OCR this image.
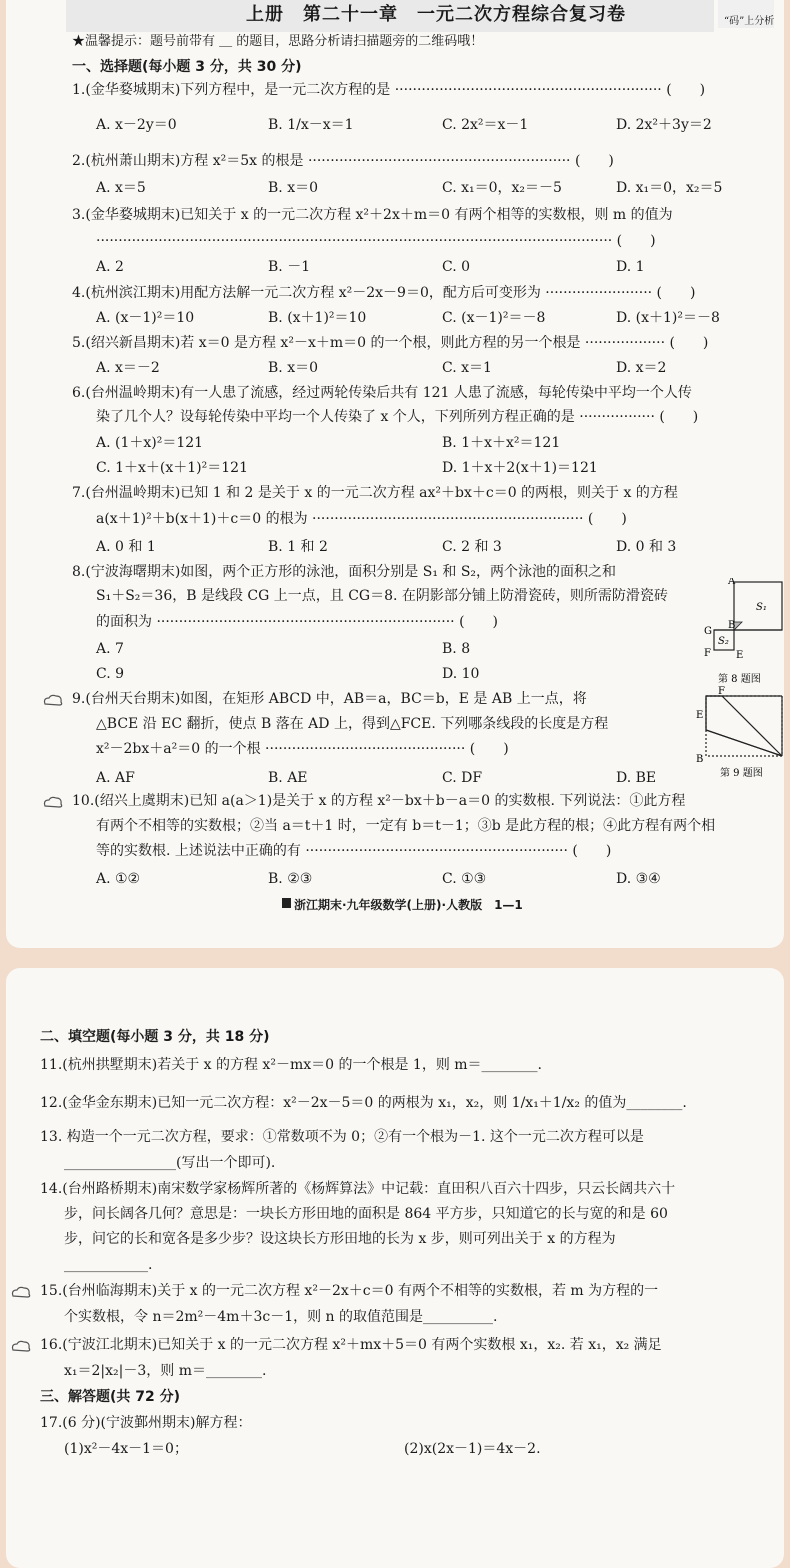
上册　第二十一章　一元二次方程综合复习卷	“码”上分析
★温馨提示：题号前带有 ＿ 的题目，思路分析请扫描题旁的二维码哦！
一、选择题(每小题 3 分，共 30 分)
1.(金华婺城期末)下列方程中，是一元二次方程的是 ···························································· (　　)
A. x－2y＝0	B. 1/x－x＝1	C. 2x²＝x－1	D. 2x²＋3y＝2
2.(杭州萧山期末)方程 x²＝5x 的根是 ··························································· (　　)
A. x＝5	B. x＝0	C. x₁＝0，x₂＝－5	D. x₁＝0，x₂＝5
3.(金华婺城期末)已知关于 x 的一元二次方程 x²＋2x＋m＝0 有两个相等的实数根，则 m 的值为
···················································································································· (　　)
A. 2	B. －1	C. 0	D. 1
4.(杭州滨江期末)用配方法解一元二次方程 x²－2x－9＝0，配方后可变形为 ························ (　　)
A. (x－1)²＝10	B. (x＋1)²＝10	C. (x－1)²＝－8	D. (x＋1)²＝－8
5.(绍兴新昌期末)若 x＝0 是方程 x²－x＋m＝0 的一个根，则此方程的另一个根是 ·················· (　　)
A. x＝－2	B. x＝0	C. x＝1	D. x＝2
6.(台州温岭期末)有一人患了流感，经过两轮传染后共有 121 人患了流感，每轮传染中平均一个人传
染了几个人？设每轮传染中平均一个人传染了 x 个人，下列所列方程正确的是 ················· (　　)
A. (1＋x)²＝121	B. 1＋x＋x²＝121
C. 1＋x＋(x＋1)²＝121	D. 1＋x＋2(x＋1)＝121
7.(台州温岭期末)已知 1 和 2 是关于 x 的一元二次方程 ax²＋bx＋c＝0 的两根，则关于 x 的方程
a(x＋1)²＋b(x＋1)＋c＝0 的根为 ····························································· (　　)
A. 0 和 1	B. 1 和 2	C. 2 和 3	D. 0 和 3
8.(宁波海曙期末)如图，两个正方形的泳池，面积分别是 S₁ 和 S₂，两个泳池的面积之和
S₁＋S₂＝36，B 是线段 CG 上一点，且 CG＝8. 在阴影部分铺上防滑瓷砖，则所需防滑瓷砖
的面积为 ··································································· (　　)
A. 7	B. 8
C. 9	D. 10
A
S₁
S₂
G
B
F	E
第 8 题图
9.(台州天台期末)如图，在矩形 ABCD 中，AB＝a，BC＝b，E 是 AB 上一点，将
△BCE 沿 EC 翻折，使点 B 落在 AD 上，得到△FCE. 下列哪条线段的长度是方程
x²－2bx＋a²＝0 的一个根 ············································· (　　)
A. AF	B. AE	C. DF	D. BE
F
E
B
第 9 题图
10.(绍兴上虞期末)已知 a(a＞1)是关于 x 的方程 x²－bx＋b－a＝0 的实数根. 下列说法：①此方程
有两个不相等的实数根；②当 a＝t＋1 时，一定有 b＝t－1；③b 是此方程的根；④此方程有两个相
等的实数根. 上述说法中正确的有 ··························································· (　　)
A. ①②	B. ②③	C. ①③	D. ③④
浙江期末·九年级数学(上册)·人教版　1—1
二、填空题(每小题 3 分，共 18 分)
11.(杭州拱墅期末)若关于 x 的方程 x²－mx＝0 的一个根是 1，则 m＝________.
12.(金华金东期末)已知一元二次方程：x²－2x－5＝0 的两根为 x₁，x₂，则 1/x₁＋1/x₂ 的值为________.
13. 构造一个一元二次方程，要求：①常数项不为 0；②有一个根为－1. 这个一元二次方程可以是
________________(写出一个即可).
14.(台州路桥期末)南宋数学家杨辉所著的《杨辉算法》中记载：直田积八百六十四步，只云长阔共六十
步，问长阔各几何？意思是：一块长方形田地的面积是 864 平方步，只知道它的长与宽的和是 60
步，问它的长和宽各是多少步？设这块长方形田地的长为 x 步，则可列出关于 x 的方程为
____________.
15.(台州临海期末)关于 x 的一元二次方程 x²－2x＋c＝0 有两个不相等的实数根，若 m 为方程的一
个实数根，令 n＝2m²－4m＋3c－1，则 n 的取值范围是__________.
16.(宁波江北期末)已知关于 x 的一元二次方程 x²＋mx＋5＝0 有两个实数根 x₁，x₂. 若 x₁，x₂ 满足
x₁＝2|x₂|－3，则 m＝________.
三、解答题(共 72 分)
17.(6 分)(宁波鄞州期末)解方程：
(1)x²－4x－1＝0；	(2)x(2x－1)＝4x－2.
